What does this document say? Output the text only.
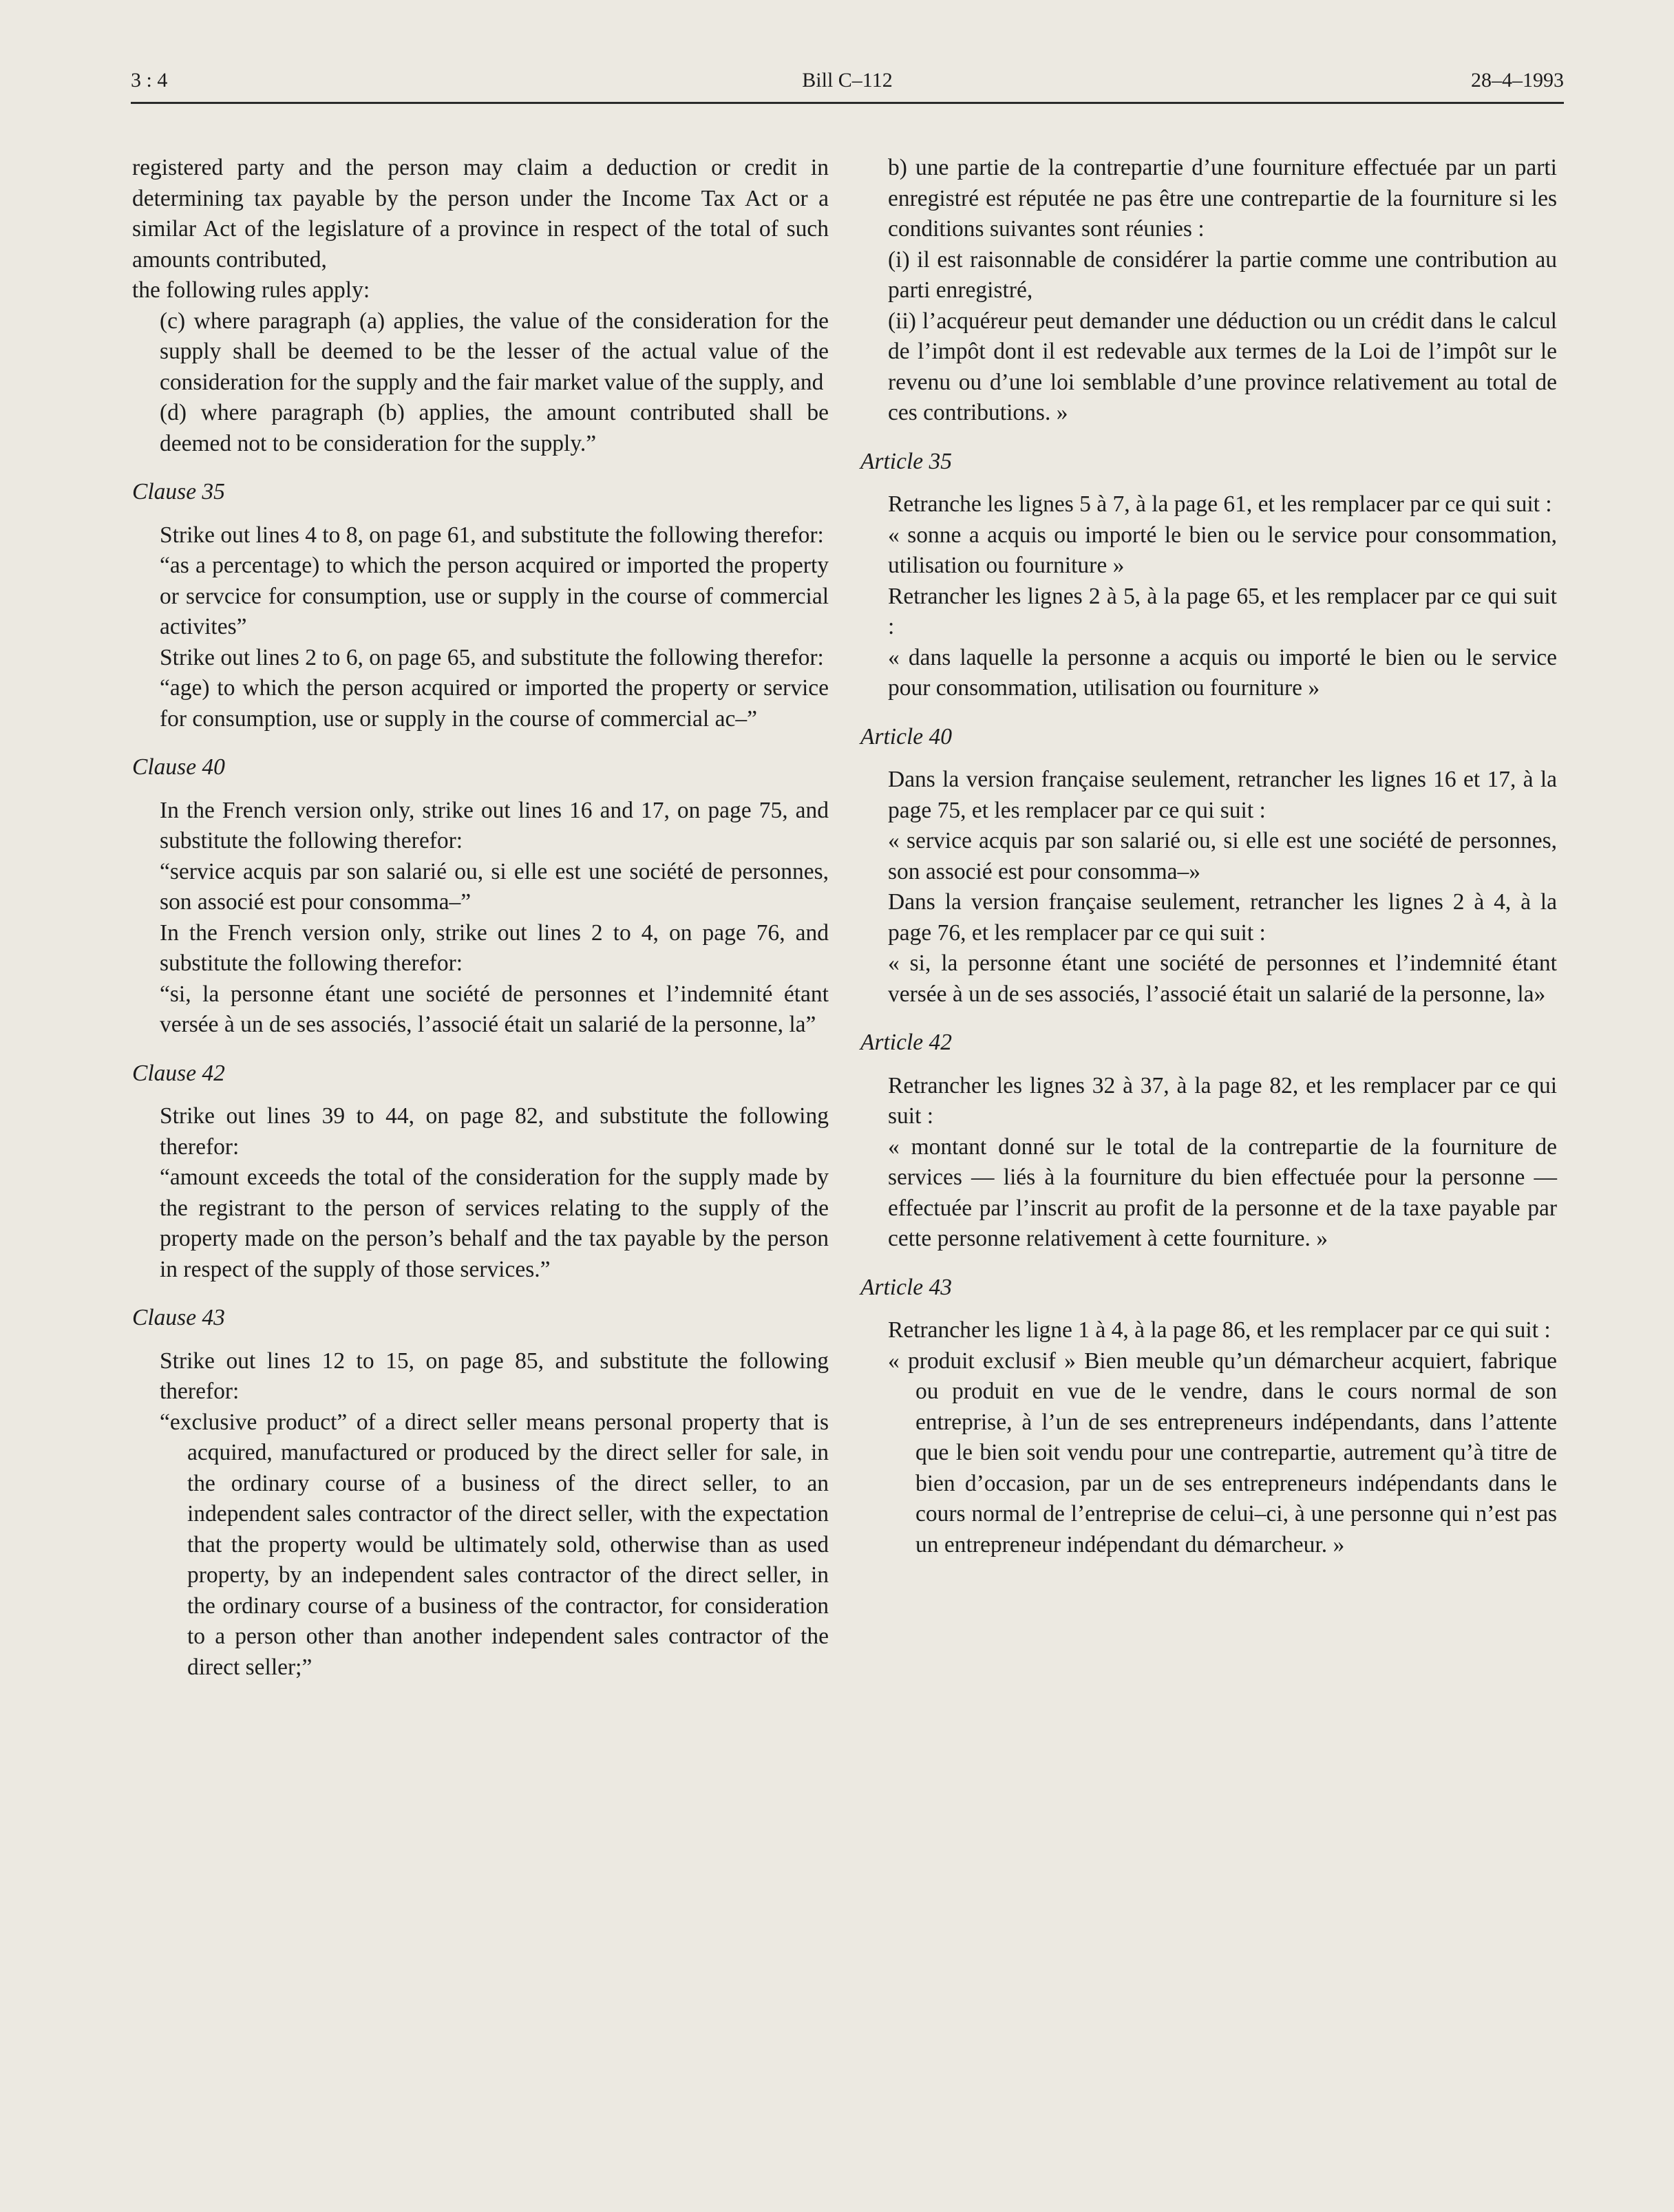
3 : 4	Bill C–112	28–4–1993

registered party and the person may claim a deduction or credit in determining tax payable by the person under the Income Tax Act or a similar Act of the legislature of a province in respect of the total of such amounts contributed,

the following rules apply:

(c) where paragraph (a) applies, the value of the consideration for the supply shall be deemed to be the lesser of the actual value of the consideration for the supply and the fair market value of the supply, and

(d) where paragraph (b) applies, the amount contributed shall be deemed not to be consideration for the supply.”

Clause 35

Strike out lines 4 to 8, on page 61, and substitute the following therefor:

“as a percentage) to which the person acquired or imported the property or servcice for consumption, use or supply in the course of commercial activites”

Strike out lines 2 to 6, on page 65, and substitute the following therefor:

“age) to which the person acquired or imported the property or service for consumption, use or supply in the course of commercial ac–”

Clause 40

In the French version only, strike out lines 16 and 17, on page 75, and substitute the following therefor:

“service acquis par son salarié ou, si elle est une société de personnes, son associé est pour consomma–”

In the French version only, strike out lines 2 to 4, on page 76, and substitute the following therefor:

“si, la personne étant une société de personnes et l’indemnité étant versée à un de ses associés, l’associé était un salarié de la personne, la”

Clause 42

Strike out lines 39 to 44, on page 82, and substitute the following therefor:

“amount exceeds the total of the consideration for the supply made by the registrant to the person of services relating to the supply of the property made on the person’s behalf and the tax payable by the person in respect of the supply of those services.”

Clause 43

Strike out lines 12 to 15, on page 85, and substitute the following therefor:

“exclusive product” of a direct seller means personal property that is acquired, manufactured or produced by the direct seller for sale, in the ordinary course of a business of the direct seller, to an independent sales contractor of the direct seller, with the expectation that the property would be ultimately sold, otherwise than as used property, by an independent sales contractor of the direct seller, in the ordinary course of a business of the contractor, for consideration to a person other than another independent sales contractor of the direct seller;”

b) une partie de la contrepartie d’une fourniture effectuée par un parti enregistré est réputée ne pas être une contrepartie de la fourniture si les conditions suivantes sont réunies :

(i) il est raisonnable de considérer la partie comme une contribution au parti enregistré,

(ii) l’acquéreur peut demander une déduction ou un crédit dans le calcul de l’impôt dont il est redevable aux termes de la Loi de l’impôt sur le revenu ou d’une loi semblable d’une province relativement au total de ces contributions. »

Article 35

Retranche les lignes 5 à 7, à la page 61, et les remplacer par ce qui suit :

« sonne a acquis ou importé le bien ou le service pour consommation, utilisation ou fourniture »

Retrancher les lignes 2 à 5, à la page 65, et les remplacer par ce qui suit :

« dans laquelle la personne a acquis ou importé le bien ou le service pour consommation, utilisation ou fourniture »

Article 40

Dans la version française seulement, retrancher les lignes 16 et 17, à la page 75, et les remplacer par ce qui suit :

« service acquis par son salarié ou, si elle est une société de personnes, son associé est pour consomma–»

Dans la version française seulement, retrancher les lignes 2 à 4, à la page 76, et les remplacer par ce qui suit :

« si, la personne étant une société de personnes et l’indemnité étant versée à un de ses associés, l’associé était un salarié de la personne, la»

Article 42

Retrancher les lignes 32 à 37, à la page 82, et les remplacer par ce qui suit :

« montant donné sur le total de la contrepartie de la fourniture de services — liés à la fourniture du bien effectuée pour la personne — effectuée par l’inscrit au profit de la personne et de la taxe payable par cette personne relativement à cette fourniture. »

Article 43

Retrancher les ligne 1 à 4, à la page 86, et les remplacer par ce qui suit :

« produit exclusif » Bien meuble qu’un démarcheur acquiert, fabrique ou produit en vue de le vendre, dans le cours normal de son entreprise, à l’un de ses entrepreneurs indépendants, dans l’attente que le bien soit vendu pour une contrepartie, autrement qu’à titre de bien d’occasion, par un de ses entrepreneurs indépendants dans le cours normal de l’entreprise de celui–ci, à une personne qui n’est pas un entrepreneur indépendant du démarcheur. »
